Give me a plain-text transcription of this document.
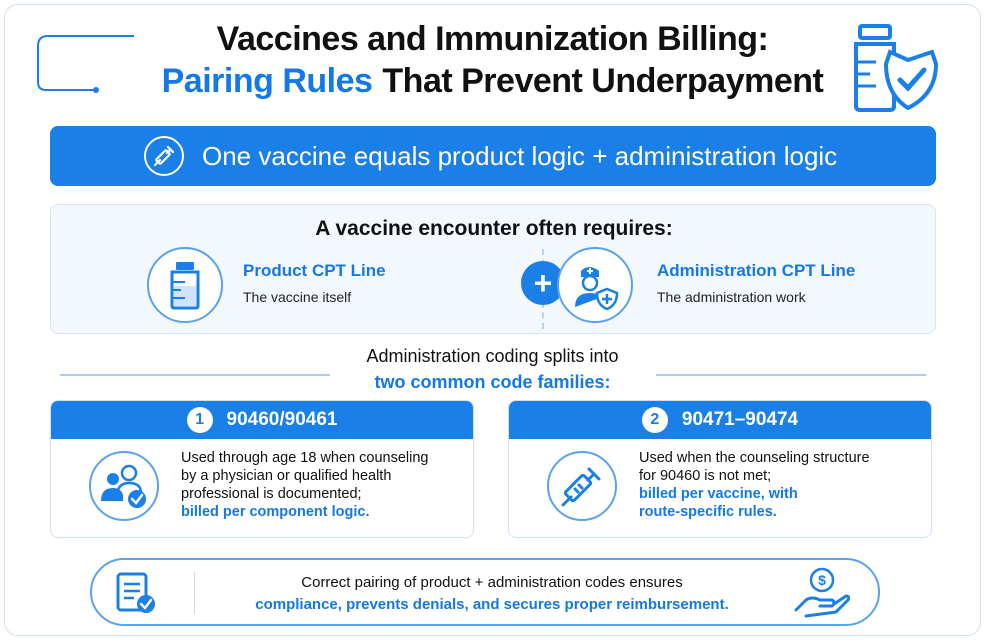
Vaccines and Immunization Billing:
Pairing Rules That Prevent Underpayment
One vaccine equals product logic + administration logic
A vaccine encounter often requires:
Product CPT Line
The vaccine itself	+	Administration CPT Line
The administration work
Administration coding splits into
two common code families:
1	90460/90461
Used through age 18 when counseling
by a physician or qualified health
professional is documented;
billed per component logic.
2	90471–90474
Used when the counseling structure
for 90460 is not met;
billed per vaccine, with
route-specific rules.
Correct pairing of product + administration codes ensures
compliance, prevents denials, and secures proper reimbursement.
$
